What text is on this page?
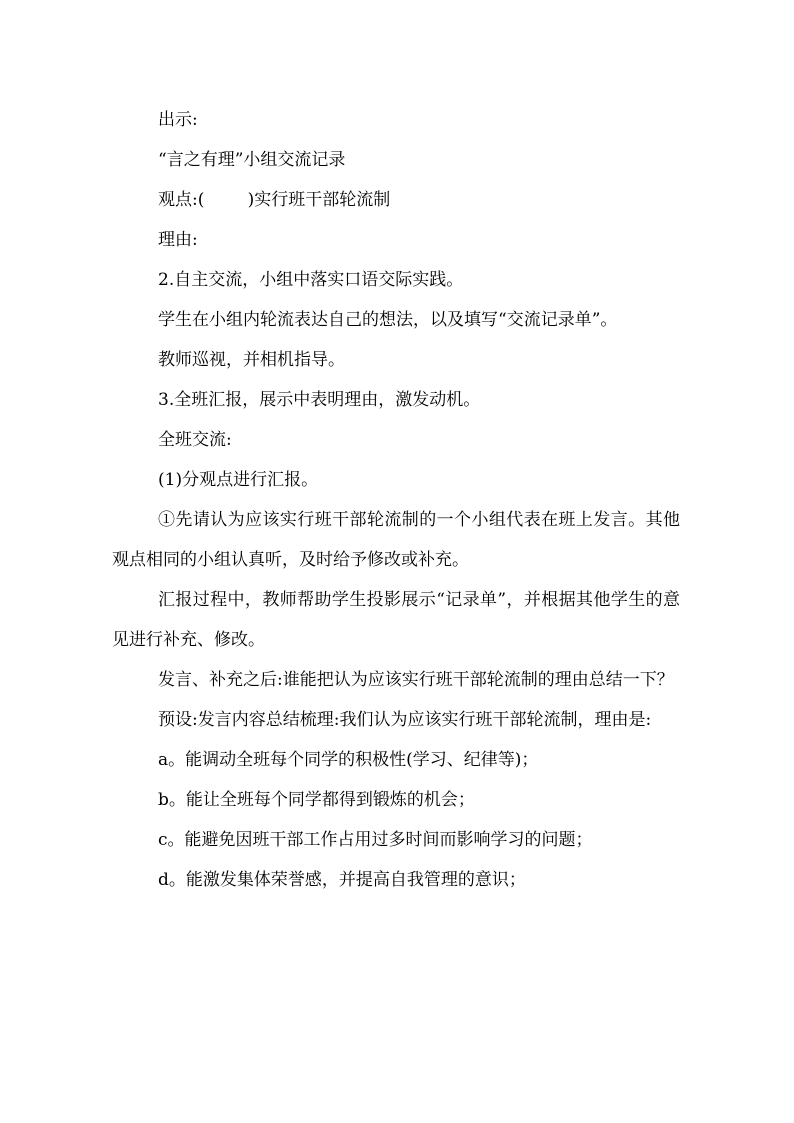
出示:

“言之有理”小组交流记录

观点:(        )实行班干部轮流制

理由:

2.自主交流，小组中落实口语交际实践。

学生在小组内轮流表达自己的想法，以及填写“交流记录单”。

教师巡视，并相机指导。

3.全班汇报，展示中表明理由，激发动机。

全班交流:

(1)分观点进行汇报。

①先请认为应该实行班干部轮流制的一个小组代表在班上发言。其他观点相同的小组认真听，及时给予修改或补充。

汇报过程中，教师帮助学生投影展示“记录单”，并根据其他学生的意见进行补充、修改。

发言、补充之后:谁能把认为应该实行班干部轮流制的理由总结一下？

预设:发言内容总结梳理:我们认为应该实行班干部轮流制，理由是:

a。能调动全班每个同学的积极性(学习、纪律等)；

b。能让全班每个同学都得到锻炼的机会；

c。能避免因班干部工作占用过多时间而影响学习的问题；

d。能激发集体荣誉感，并提高自我管理的意识；
